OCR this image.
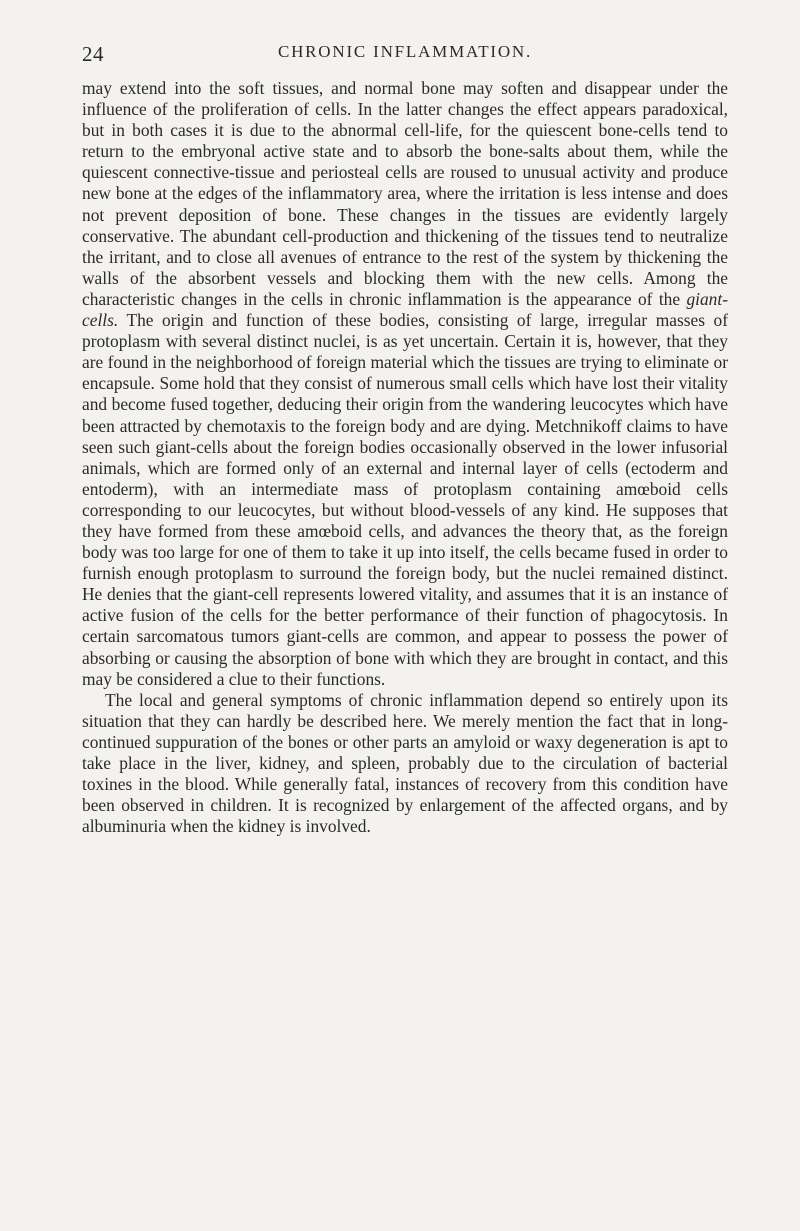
24	CHRONIC INFLAMMATION.

may extend into the soft tissues, and normal bone may soften and disappear under the influence of the proliferation of cells. In the latter changes the effect appears paradoxical, but in both cases it is due to the abnormal cell-life, for the quiescent bone-cells tend to return to the embryonal active state and to absorb the bone-salts about them, while the quiescent connective-tissue and periosteal cells are roused to unusual activity and produce new bone at the edges of the inflammatory area, where the irritation is less intense and does not prevent deposition of bone. These changes in the tissues are evidently largely conservative. The abundant cell-production and thickening of the tissues tend to neutralize the irritant, and to close all avenues of entrance to the rest of the system by thickening the walls of the absorbent vessels and blocking them with the new cells. Among the characteristic changes in the cells in chronic inflammation is the appearance of the giant-cells. The origin and function of these bodies, consisting of large, irregular masses of protoplasm with several distinct nuclei, is as yet uncertain. Certain it is, however, that they are found in the neighborhood of foreign material which the tissues are trying to eliminate or encapsule. Some hold that they consist of numerous small cells which have lost their vitality and become fused together, deducing their origin from the wandering leucocytes which have been attracted by chemotaxis to the foreign body and are dying. Metchnikoff claims to have seen such giant-cells about the foreign bodies occasionally observed in the lower infusorial animals, which are formed only of an external and internal layer of cells (ectoderm and entoderm), with an intermediate mass of protoplasm containing amœboid cells corresponding to our leucocytes, but without blood-vessels of any kind. He supposes that they have formed from these amœboid cells, and advances the theory that, as the foreign body was too large for one of them to take it up into itself, the cells became fused in order to furnish enough protoplasm to surround the foreign body, but the nuclei remained distinct. He denies that the giant-cell represents lowered vitality, and assumes that it is an instance of active fusion of the cells for the better performance of their function of phagocytosis. In certain sarcomatous tumors giant-cells are common, and appear to possess the power of absorbing or causing the absorption of bone with which they are brought in contact, and this may be considered a clue to their functions.

The local and general symptoms of chronic inflammation depend so entirely upon its situation that they can hardly be described here. We merely mention the fact that in long-continued suppuration of the bones or other parts an amyloid or waxy degeneration is apt to take place in the liver, kidney, and spleen, probably due to the circulation of bacterial toxines in the blood. While generally fatal, instances of recovery from this condition have been observed in children. It is recognized by enlargement of the affected organs, and by albuminuria when the kidney is involved.
